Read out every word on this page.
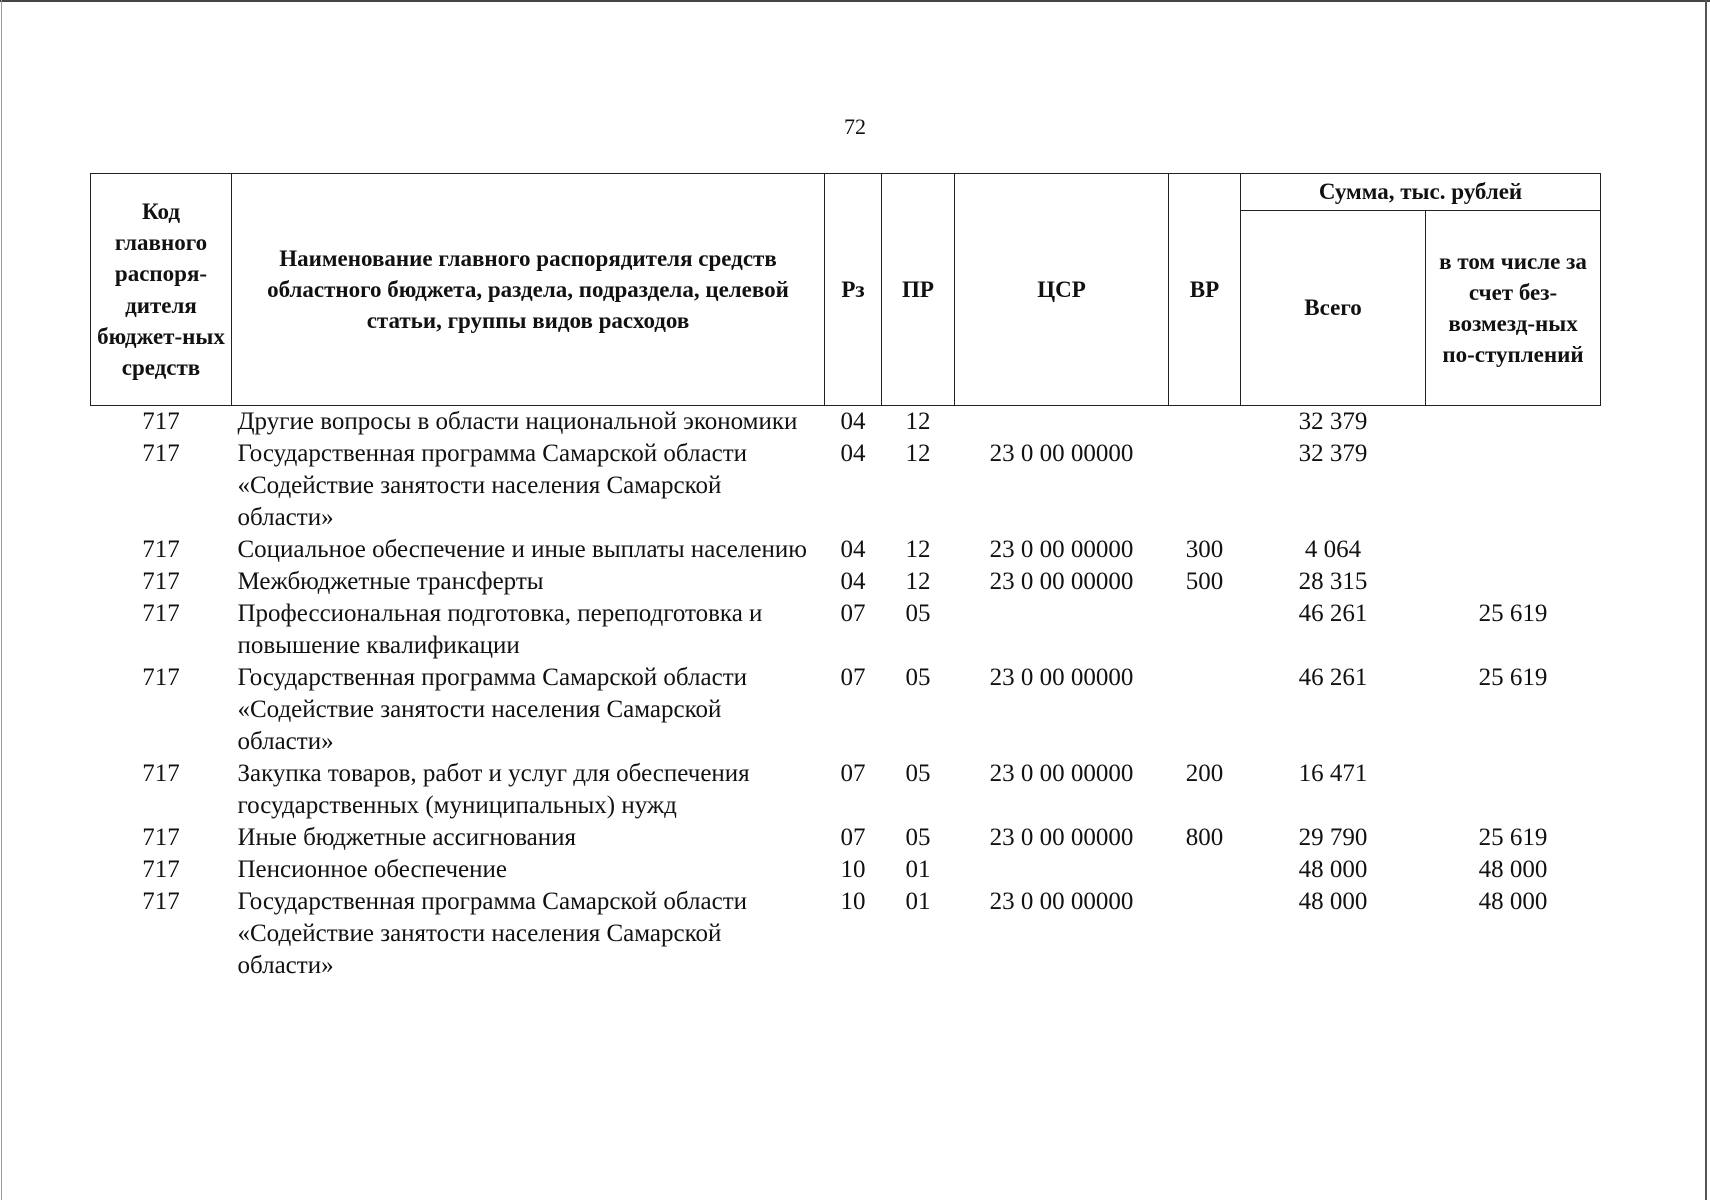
72
Код главного распоря-дителя бюджет-ных средств	Наименование главного распорядителя средств областного бюджета, раздела, подраздела, целевой статьи, группы видов расходов	Рз	ПР	ЦСР	ВР	Сумма, тыс. рублей	
						Всего	в том числе за счет без-возмезд-ных по-ступлений
717	Другие вопросы в области национальной экономики	04	12			32 379	
717	Государственная программа Самарской области «Содействие занятости населения Самарской области»	04	12	23 0 00 00000		32 379	
717	Социальное обеспечение и иные выплаты населению	04	12	23 0 00 00000	300	4 064	
717	Межбюджетные трансферты	04	12	23 0 00 00000	500	28 315	
717	Профессиональная подготовка, переподготовка и повышение квалификации	07	05			46 261	25 619
717	Государственная программа Самарской области «Содействие занятости населения Самарской области»	07	05	23 0 00 00000		46 261	25 619
717	Закупка товаров, работ и услуг для обеспечения государственных (муниципальных) нужд	07	05	23 0 00 00000	200	16 471	
717	Иные бюджетные ассигнования	07	05	23 0 00 00000	800	29 790	25 619
717	Пенсионное обеспечение	10	01			48 000	48 000
717	Государственная программа Самарской области «Содействие занятости населения Самарской области»	10	01	23 0 00 00000		48 000	48 000
